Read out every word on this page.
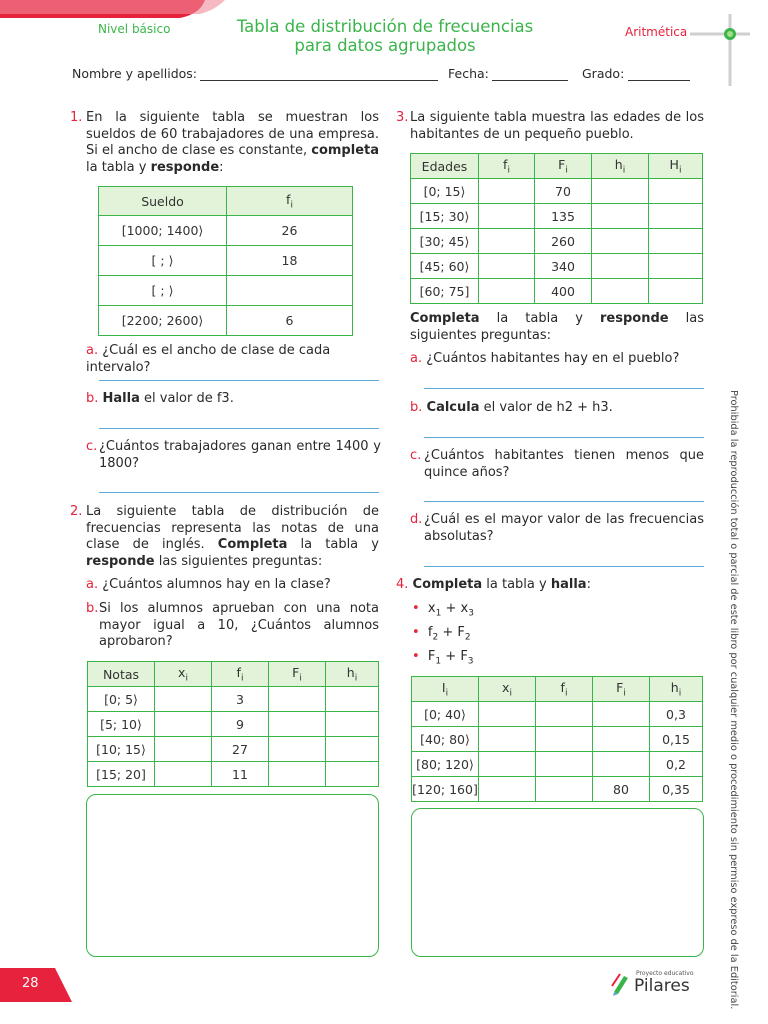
Nivel básico	Tabla de distribución de frecuencias
para datos agrupados
Aritmética
Nombre y apellidos:	Fecha:	Grado:
1. En la siguiente tabla se muestran los sueldos de 60 trabajadores de una empresa. Si el ancho de clase es constante, completa la tabla y responde:
Sueldo	$f_i$
[1000; 1400⟩	26
[ ; ⟩	18
[ ; ⟩	
[2200; 2600⟩	6
a. ¿Cuál es el ancho de clase de cada intervalo?
b. Halla el valor de f3.
c. ¿Cuántos trabajadores ganan entre 1400 y 1800?
2. La siguiente tabla de distribución de frecuencias representa las notas de una clase de inglés. Completa la tabla y responde las siguientes preguntas:
a. ¿Cuántos alumnos hay en la clase?
b. Si los alumnos aprueban con una nota mayor igual a 10, ¿Cuántos alumnos aprobaron?
Notas	$x_i$	$f_i$	$F_i$	$h_i$
[0; 5⟩		3		
[5; 10⟩		9		
[10; 15⟩		27		
[15; 20]		11		
3. La siguiente tabla muestra las edades de los habitantes de un pequeño pueblo.
Edades	$f_i$	$F_i$	$h_i$	$H_i$
[0; 15⟩		70		
[15; 30⟩		135		
[30; 45⟩		260		
[45; 60⟩		340		
[60; 75]		400		
Completa la tabla y responde las siguientes preguntas:
a. ¿Cuántos habitantes hay en el pueblo?
b. Calcula el valor de h2 + h3.
c. ¿Cuántos habitantes tienen menos que quince años?
d. ¿Cuál es el mayor valor de las frecuencias absolutas?
4. Completa la tabla y halla:
•  $x_1 + x_3$
•  $f_2 + F_2$
•  $F_1 + F_3$
$I_i$	$x_i$	$f_i$	$F_i$	$h_i$
[0; 40⟩				0,3
[40; 80⟩				0,15
[80; 120⟩				0,2
[120; 160]			80	0,35	Prohibida la reproducción total o parcial de este libro por cualquier medio o procedimiento sin permiso expreso de la Editorial.
28
Proyecto educativo
Pilares
